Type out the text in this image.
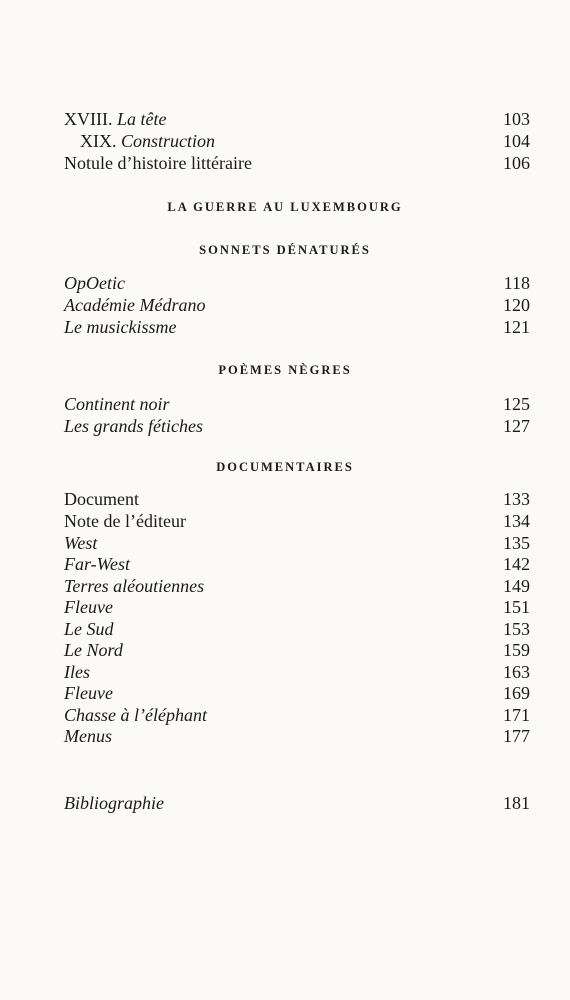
XVIII. La tête	103
XIX. Construction	104
Notule d’histoire littéraire	106
LA GUERRE AU LUXEMBOURG
SONNETS DÉNATURÉS
OpOetic	118
Académie Médrano	120
Le musickissme	121
POÈMES NÈGRES
Continent noir	125
Les grands fétiches	127
DOCUMENTAIRES
Document	133
Note de l’éditeur	134
West	135
Far-West	142
Terres aléoutiennes	149
Fleuve	151
Le Sud	153
Le Nord	159
Iles	163
Fleuve	169
Chasse à l’éléphant	171
Menus	177
Bibliographie	181
